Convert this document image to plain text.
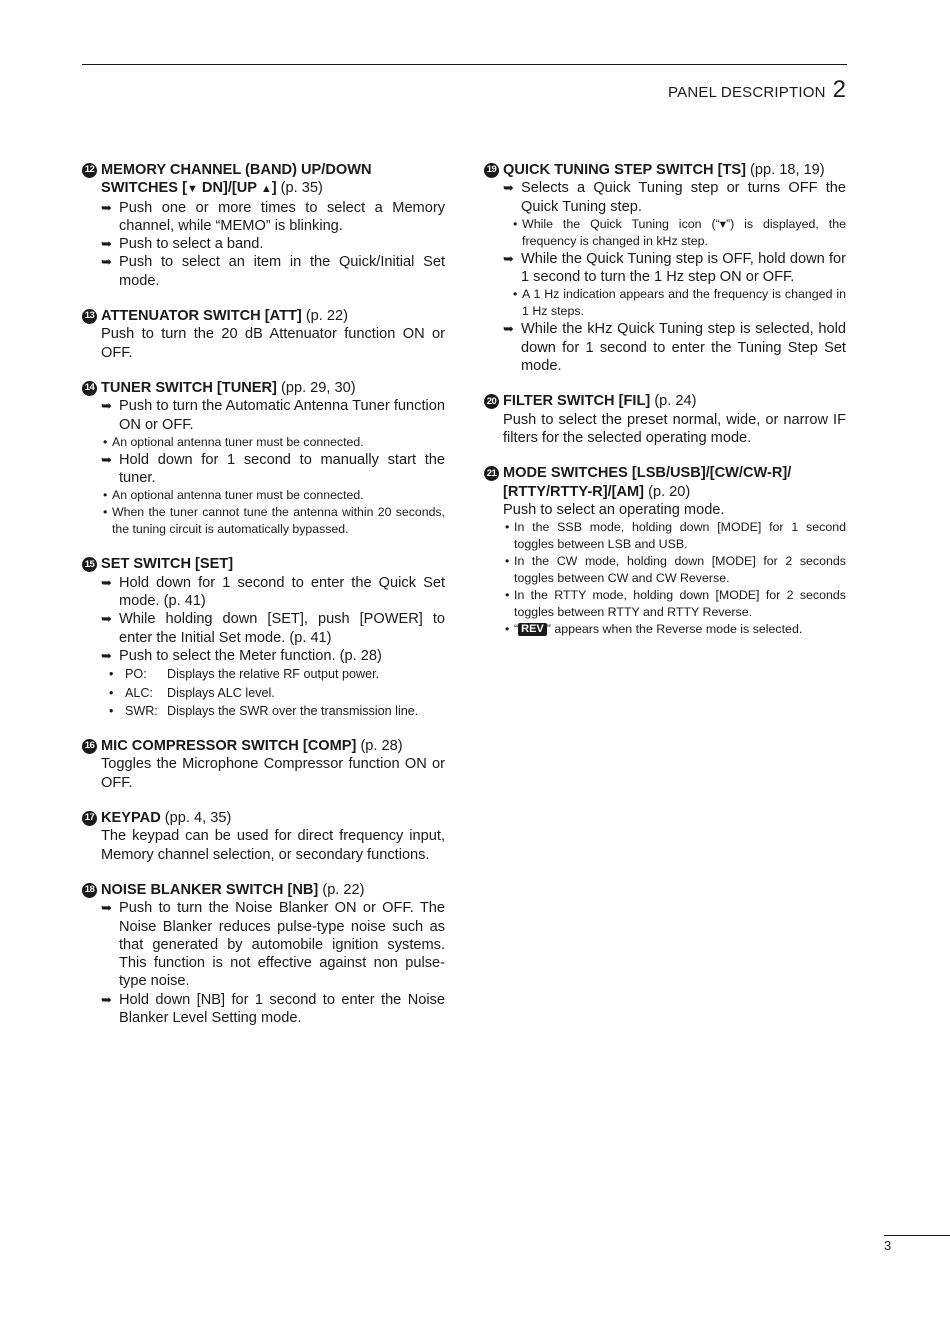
PANEL DESCRIPTION 2
12 MEMORY CHANNEL (BAND) UP/DOWN
SWITCHES [▼ DN]/[UP ▲] (p. 35)
➥ Push one or more times to select a Memory channel, while “MEMO” is blinking.
➥ Push to select a band.
➥ Push to select an item in the Quick/Initial Set mode.
13 ATTENUATOR SWITCH [ATT] (p. 22)
Push to turn the 20 dB Attenuator function ON or OFF.
14 TUNER SWITCH [TUNER] (pp. 29, 30)
➥ Push to turn the Automatic Antenna Tuner function ON or OFF.
• An optional antenna tuner must be connected.
➥ Hold down for 1 second to manually start the tuner.
• An optional antenna tuner must be connected.
• When the tuner cannot tune the antenna within 20 seconds, the tuning circuit is automatically bypassed.
15 SET SWITCH [SET]
➥ Hold down for 1 second to enter the Quick Set mode. (p. 41)
➥ While holding down [SET], push [POWER] to enter the Initial Set mode. (p. 41)
➥ Push to select the Meter function. (p. 28)
• PO: Displays the relative RF output power.
• ALC: Displays ALC level.
• SWR: Displays the SWR over the transmission line.
16 MIC COMPRESSOR SWITCH [COMP] (p. 28)
Toggles the Microphone Compressor function ON or OFF.
17 KEYPAD (pp. 4, 35)
The keypad can be used for direct frequency input, Memory channel selection, or secondary functions.
18 NOISE BLANKER SWITCH [NB] (p. 22)
➥ Push to turn the Noise Blanker ON or OFF. The Noise Blanker reduces pulse-type noise such as that generated by automobile ignition systems. This function is not effective against non pulse-type noise.
➥ Hold down [NB] for 1 second to enter the Noise Blanker Level Setting mode.
19 QUICK TUNING STEP SWITCH [TS] (pp. 18, 19)
➥ Selects a Quick Tuning step or turns OFF the Quick Tuning step.
• While the Quick Tuning icon (“▾”) is displayed, the frequency is changed in kHz step.
➥ While the Quick Tuning step is OFF, hold down for 1 second to turn the 1 Hz step ON or OFF.
• A 1 Hz indication appears and the frequency is changed in 1 Hz steps.
➥ While the kHz Quick Tuning step is selected, hold down for 1 second to enter the Tuning Step Set mode.
20 FILTER SWITCH [FIL] (p. 24)
Push to select the preset normal, wide, or narrow IF filters for the selected operating mode.
21 MODE SWITCHES [LSB/USB]/[CW/CW-R]/
[RTTY/RTTY-R]/[AM] (p. 20)
Push to select an operating mode.
• In the SSB mode, holding down [MODE] for 1 second toggles between LSB and USB.
• In the CW mode, holding down [MODE] for 2 seconds toggles between CW and CW Reverse.
• In the RTTY mode, holding down [MODE] for 2 seconds toggles between RTTY and RTTY Reverse.
• “ REV ” appears when the Reverse mode is selected.
3
